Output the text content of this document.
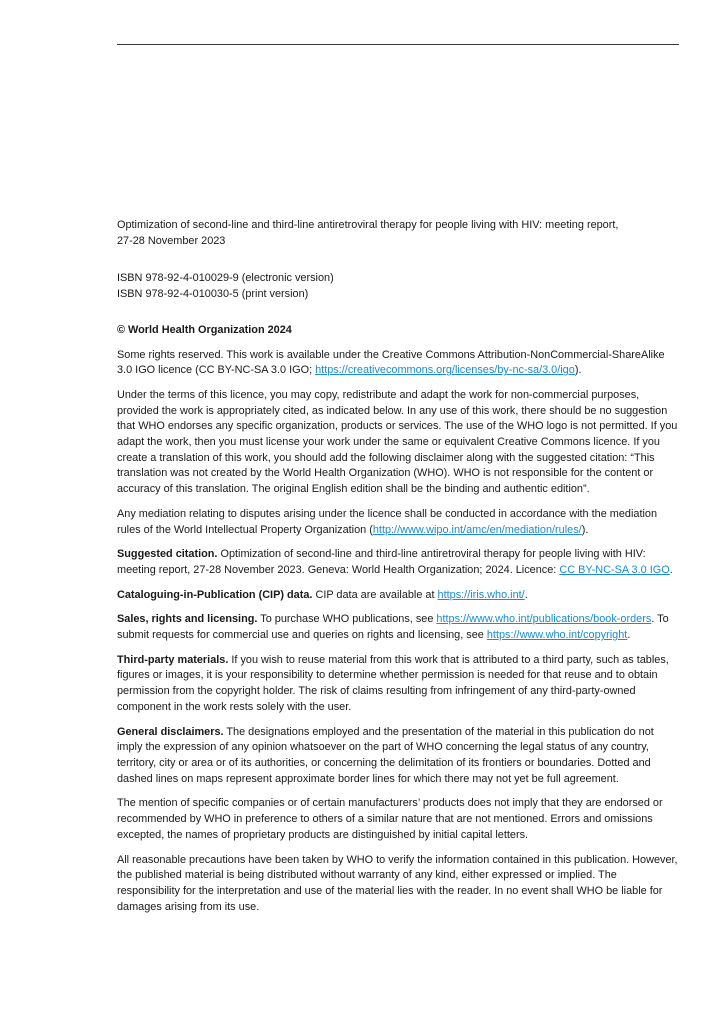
Optimization of second-line and third-line antiretroviral therapy for people living with HIV: meeting report,
27-28 November 2023

ISBN 978-92-4-010029-9 (electronic version)
ISBN 978-92-4-010030-5 (print version)

© World Health Organization 2024

Some rights reserved. This work is available under the Creative Commons Attribution-NonCommercial-ShareAlike 3.0 IGO licence (CC BY-NC-SA 3.0 IGO; https://creativecommons.org/licenses/by-nc-sa/3.0/igo).

Under the terms of this licence, you may copy, redistribute and adapt the work for non-commercial purposes, provided the work is appropriately cited, as indicated below. In any use of this work, there should be no suggestion that WHO endorses any specific organization, products or services. The use of the WHO logo is not permitted. If you adapt the work, then you must license your work under the same or equivalent Creative Commons licence. If you create a translation of this work, you should add the following disclaimer along with the suggested citation: “This translation was not created by the World Health Organization (WHO). WHO is not responsible for the content or accuracy of this translation. The original English edition shall be the binding and authentic edition”.

Any mediation relating to disputes arising under the licence shall be conducted in accordance with the mediation rules of the World Intellectual Property Organization (http://www.wipo.int/amc/en/mediation/rules/).

Suggested citation. Optimization of second-line and third-line antiretroviral therapy for people living with HIV: meeting report, 27-28 November 2023. Geneva: World Health Organization; 2024. Licence: CC BY-NC-SA 3.0 IGO.

Cataloguing-in-Publication (CIP) data. CIP data are available at https://iris.who.int/.

Sales, rights and licensing. To purchase WHO publications, see https://www.who.int/publications/book-orders. To submit requests for commercial use and queries on rights and licensing, see https://www.who.int/copyright.

Third-party materials. If you wish to reuse material from this work that is attributed to a third party, such as tables, figures or images, it is your responsibility to determine whether permission is needed for that reuse and to obtain permission from the copyright holder. The risk of claims resulting from infringement of any third-party-owned component in the work rests solely with the user.

General disclaimers. The designations employed and the presentation of the material in this publication do not imply the expression of any opinion whatsoever on the part of WHO concerning the legal status of any country, territory, city or area or of its authorities, or concerning the delimitation of its frontiers or boundaries. Dotted and dashed lines on maps represent approximate border lines for which there may not yet be full agreement.

The mention of specific companies or of certain manufacturers’ products does not imply that they are endorsed or recommended by WHO in preference to others of a similar nature that are not mentioned. Errors and omissions excepted, the names of proprietary products are distinguished by initial capital letters.

All reasonable precautions have been taken by WHO to verify the information contained in this publication. However, the published material is being distributed without warranty of any kind, either expressed or implied. The responsibility for the interpretation and use of the material lies with the reader. In no event shall WHO be liable for damages arising from its use.
